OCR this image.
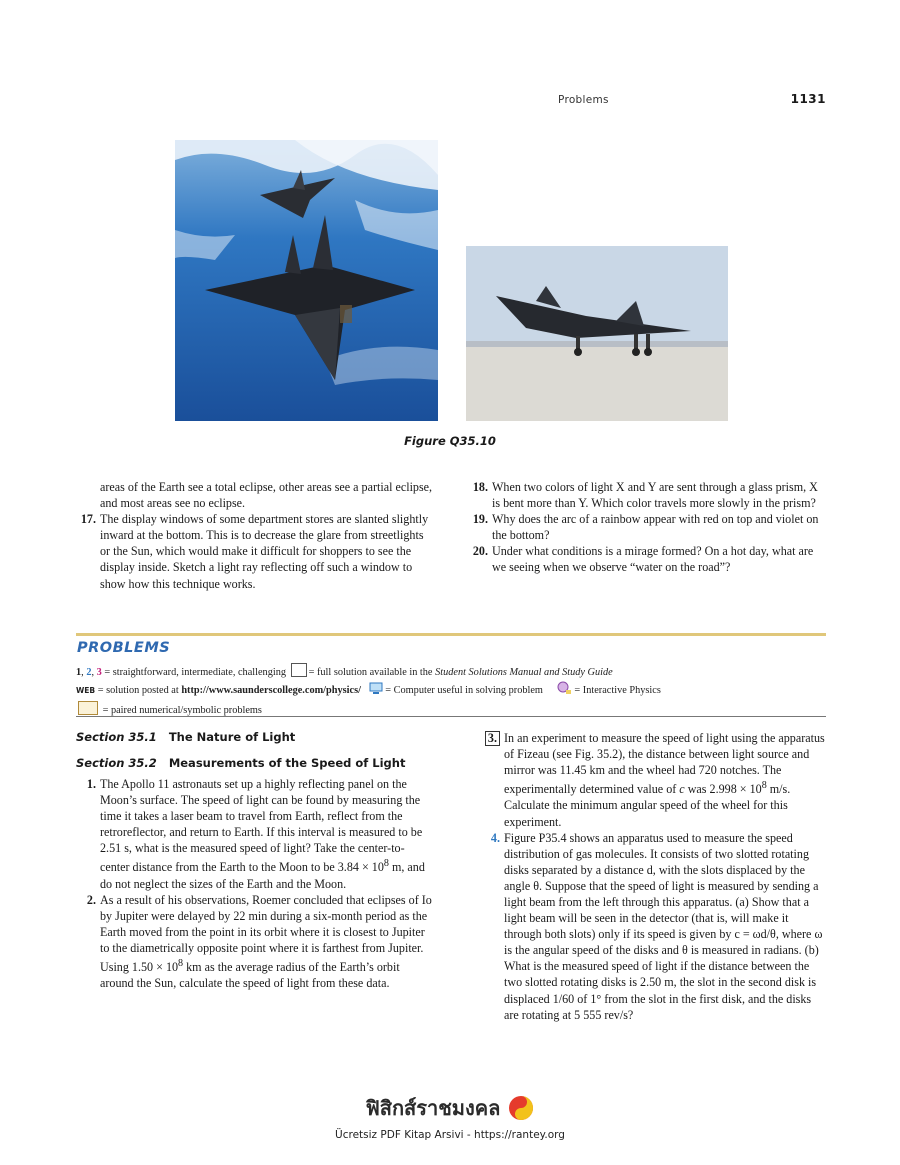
Problems	1131
Figure Q35.10
areas of the Earth see a total eclipse, other areas see a partial eclipse, and most areas see no eclipse.
17. The display windows of some department stores are slanted slightly inward at the bottom. This is to decrease the glare from streetlights or the Sun, which would make it difficult for shoppers to see the display inside. Sketch a light ray reflecting off such a window to show how this technique works.
18. When two colors of light X and Y are sent through a glass prism, X is bent more than Y. Which color travels more slowly in the prism?
19. Why does the arc of a rainbow appear with red on top and violet on the bottom?
20. Under what conditions is a mirage formed? On a hot day, what are we seeing when we observe “water on the road”?
PROBLEMS
1, 2, 3 = straightforward, intermediate, challenging = full solution available in the Student Solutions Manual and Study Guide
WEB = solution posted at http://www.saunderscollege.com/physics/ = Computer useful in solving problem	= Interactive Physics
= paired numerical/symbolic problems
Section 35.1 The Nature of Light
Section 35.2 Measurements of the Speed of Light
1. The Apollo 11 astronauts set up a highly reflecting panel on the Moon’s surface. The speed of light can be found by measuring the time it takes a laser beam to travel from Earth, reflect from the retroreflector, and return to Earth. If this interval is measured to be 2.51 s, what is the measured speed of light? Take the center-to-center distance from the Earth to the Moon to be $3.84 \times 10^8$ m, and do not neglect the sizes of the Earth and the Moon.
2. As a result of his observations, Roemer concluded that eclipses of Io by Jupiter were delayed by 22 min during a six-month period as the Earth moved from the point in its orbit where it is closest to Jupiter to the diametrically opposite point where it is farthest from Jupiter. Using $1.50 \times 10^8$ km as the average radius of the Earth’s orbit around the Sun, calculate the speed of light from these data.
3. In an experiment to measure the speed of light using the apparatus of Fizeau (see Fig. 35.2), the distance between light source and mirror was 11.45 km and the wheel had 720 notches. The experimentally determined value of c was $2.998 \times 10^8$ m/s. Calculate the minimum angular speed of the wheel for this experiment.
4. Figure P35.4 shows an apparatus used to measure the speed distribution of gas molecules. It consists of two slotted rotating disks separated by a distance d, with the slots displaced by the angle θ. Suppose that the speed of light is measured by sending a light beam from the left through this apparatus. (a) Show that a light beam will be seen in the detector (that is, will make it through both slots) only if its speed is given by c = ωd/θ, where ω is the angular speed of the disks and θ is measured in radians. (b) What is the measured speed of light if the distance between the two slotted rotating disks is 2.50 m, the slot in the second disk is displaced 1/60 of 1° from the slot in the first disk, and the disks are rotating at 5 555 rev/s?
ฟิสิกส์ราชมงคล
Ücretsiz PDF Kitap Arsivi - https://rantey.org
